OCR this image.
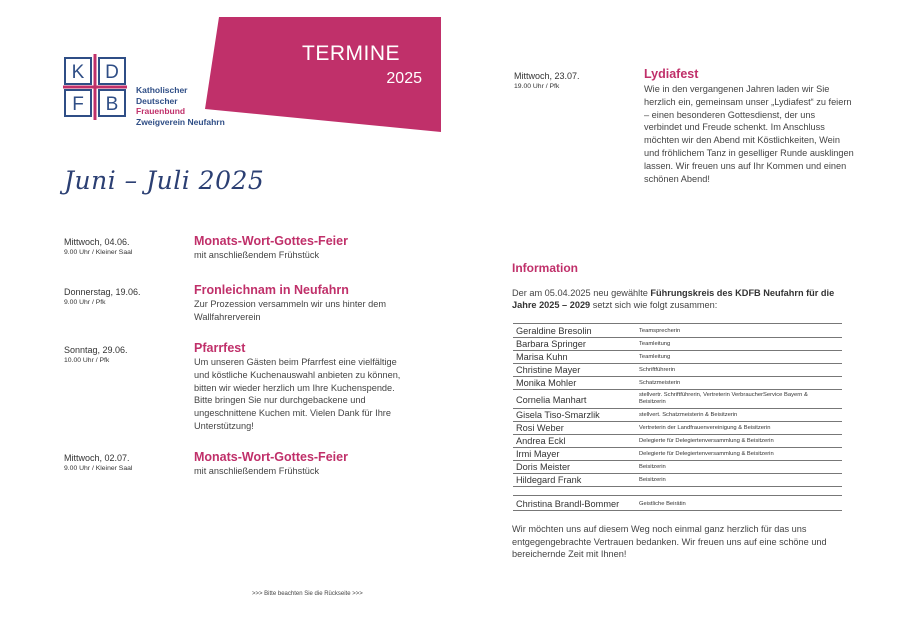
K D
F B
Katholischer
Deutscher
Frauenbund
Zweigverein Neufahrn
TERMINE
2025
Juni – Juli 2025
Mittwoch, 04.06.
9.00 Uhr / Kleiner Saal
Monats-Wort-Gottes-Feier
mit anschließendem Frühstück
Donnerstag, 19.06.
9.00 Uhr / Pfk
Fronleichnam in Neufahrn
Zur Prozession versammeln wir uns hinter dem Wallfahrerverein
Sonntag, 29.06.
10.00 Uhr / Pfk
Pfarrfest
Um unseren Gästen beim Pfarrfest eine vielfältige und köstliche Kuchenauswahl anbieten zu können, bitten wir wieder herzlich um Ihre Kuchenspende. Bitte bringen Sie nur durchgebackene und ungeschnittene Kuchen mit. Vielen Dank für Ihre Unterstützung!
Mittwoch, 02.07.
9.00 Uhr / Kleiner Saal
Monats-Wort-Gottes-Feier
mit anschließendem Frühstück
Mittwoch, 23.07.
19.00 Uhr / Pfk
Lydiafest
Wie in den vergangenen Jahren laden wir Sie herzlich ein, gemeinsam unser „Lydiafest“ zu feiern – einen besonderen Gottesdienst, der uns verbindet und Freude schenkt. Im Anschluss möchten wir den Abend mit Köstlichkeiten, Wein und fröhlichem Tanz in geselliger Runde ausklingen lassen. Wir freuen uns auf Ihr Kommen und einen schönen Abend!
Information
Der am 05.04.2025 neu gewählte Führungskreis des KDFB Neufahrn für die Jahre 2025 – 2029 setzt sich wie folgt zusammen:
Geraldine Bresolin	Teamsprecherin
Barbara Springer	Teamleitung
Marisa Kuhn	Teamleitung
Christine Mayer	Schriftführerin
Monika Mohler	Schatzmeisterin
Cornelia Manhart	stellvertr. Schriftführerin, Vertreterin VerbraucherService Bayern & Beisitzerin
Gisela Tiso-Smarzlik	stellvert. Schatzmeisterin & Beisitzerin
Rosi Weber	Vertreterin der Landfrauenvereinigung & Beisitzerin
Andrea Eckl	Delegierte für Delegiertenversammlung & Beisitzerin
Irmi Mayer	Delegierte für Delegiertenversammlung & Beisitzerin
Doris Meister	Beisitzerin
Hildegard Frank	Beisitzerin
Christina Brandl-Bommer	Geistliche Beirätin
Wir möchten uns auf diesem Weg noch einmal ganz herzlich für das uns entgegengebrachte Vertrauen bedanken. Wir freuen uns auf eine schöne und bereichernde Zeit mit Ihnen!
>>> Bitte beachten Sie die Rückseite >>>
